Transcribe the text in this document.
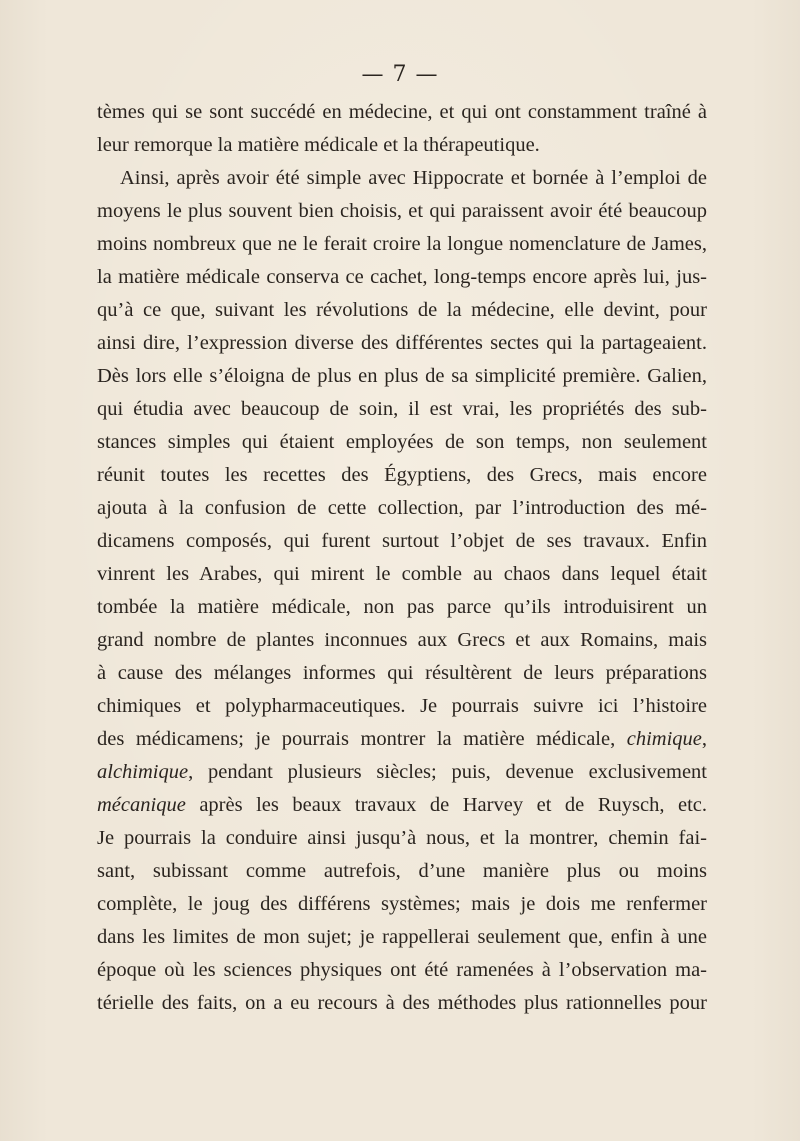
— 7 —
tèmes qui se sont succédé en médecine, et qui ont constamment traîné à
leur remorque la matière médicale et la thérapeutique.
Ainsi, après avoir été simple avec Hippocrate et bornée à l’emploi de
moyens le plus souvent bien choisis, et qui paraissent avoir été beaucoup
moins nombreux que ne le ferait croire la longue nomenclature de James,
la matière médicale conserva ce cachet, long-temps encore après lui, jus-
qu’à ce que, suivant les révolutions de la médecine, elle devint, pour
ainsi dire, l’expression diverse des différentes sectes qui la partageaient.
Dès lors elle s’éloigna de plus en plus de sa simplicité première. Galien,
qui étudia avec beaucoup de soin, il est vrai, les propriétés des sub-
stances simples qui étaient employées de son temps, non seulement
réunit toutes les recettes des Égyptiens, des Grecs, mais encore
ajouta à la confusion de cette collection, par l’introduction des mé-
dicamens composés, qui furent surtout l’objet de ses travaux. Enfin
vinrent les Arabes, qui mirent le comble au chaos dans lequel était
tombée la matière médicale, non pas parce qu’ils introduisirent un
grand nombre de plantes inconnues aux Grecs et aux Romains, mais
à cause des mélanges informes qui résultèrent de leurs préparations
chimiques et polypharmaceutiques. Je pourrais suivre ici l’histoire
des médicamens; je pourrais montrer la matière médicale, chimique,
alchimique, pendant plusieurs siècles; puis, devenue exclusivement
mécanique après les beaux travaux de Harvey et de Ruysch, etc.
Je pourrais la conduire ainsi jusqu’à nous, et la montrer, chemin fai-
sant, subissant comme autrefois, d’une manière plus ou moins
complète, le joug des différens systèmes; mais je dois me renfermer
dans les limites de mon sujet; je rappellerai seulement que, enfin à une
époque où les sciences physiques ont été ramenées à l’observation ma-
térielle des faits, on a eu recours à des méthodes plus rationnelles pour
